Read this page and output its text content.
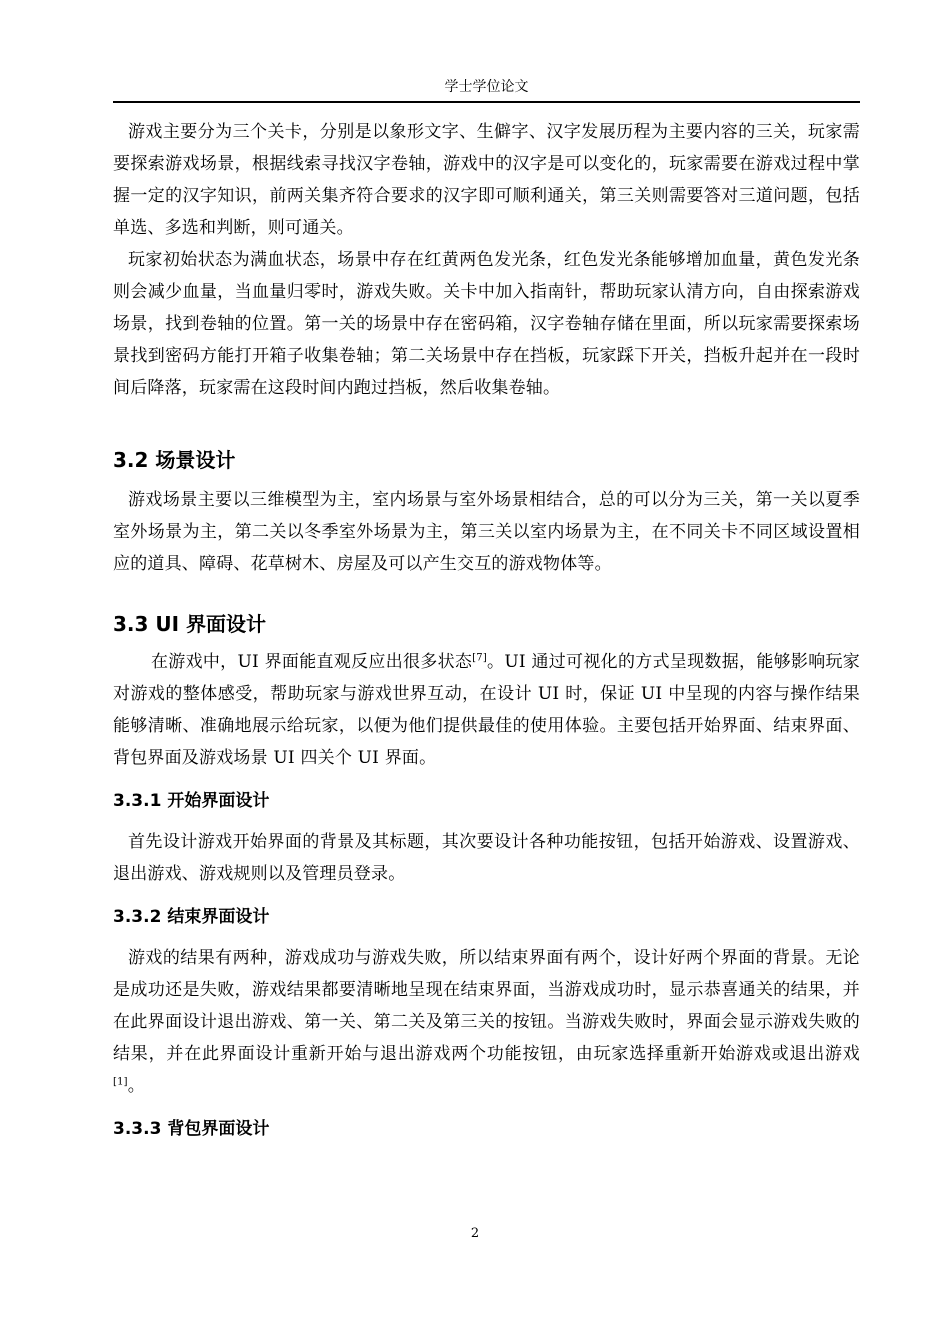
学士学位论文

游戏主要分为三个关卡，分别是以象形文字、生僻字、汉字发展历程为主要内容的三关，玩家需要探索游戏场景，根据线索寻找汉字卷轴，游戏中的汉字是可以变化的，玩家需要在游戏过程中掌握一定的汉字知识，前两关集齐符合要求的汉字即可顺利通关，第三关则需要答对三道问题，包括单选、多选和判断，则可通关。

玩家初始状态为满血状态，场景中存在红黄两色发光条，红色发光条能够增加血量，黄色发光条则会减少血量，当血量归零时，游戏失败。关卡中加入指南针，帮助玩家认清方向，自由探索游戏场景，找到卷轴的位置。第一关的场景中存在密码箱，汉字卷轴存储在里面，所以玩家需要探索场景找到密码方能打开箱子收集卷轴；第二关场景中存在挡板，玩家踩下开关，挡板升起并在一段时间后降落，玩家需在这段时间内跑过挡板，然后收集卷轴。

3.2 场景设计

游戏场景主要以三维模型为主，室内场景与室外场景相结合，总的可以分为三关，第一关以夏季室外场景为主，第二关以冬季室外场景为主，第三关以室内场景为主，在不同关卡不同区域设置相应的道具、障碍、花草树木、房屋及可以产生交互的游戏物体等。

3.3 UI 界面设计

在游戏中，UI 界面能直观反应出很多状态[7]。UI 通过可视化的方式呈现数据，能够影响玩家对游戏的整体感受，帮助玩家与游戏世界互动，在设计 UI 时，保证 UI 中呈现的内容与操作结果能够清晰、准确地展示给玩家，以便为他们提供最佳的使用体验。主要包括开始界面、结束界面、背包界面及游戏场景 UI 四关个 UI 界面。

3.3.1 开始界面设计

首先设计游戏开始界面的背景及其标题，其次要设计各种功能按钮，包括开始游戏、设置游戏、退出游戏、游戏规则以及管理员登录。

3.3.2 结束界面设计

游戏的结果有两种，游戏成功与游戏失败，所以结束界面有两个，设计好两个界面的背景。无论是成功还是失败，游戏结果都要清晰地呈现在结束界面，当游戏成功时，显示恭喜通关的结果，并在此界面设计退出游戏、第一关、第二关及第三关的按钮。当游戏失败时，界面会显示游戏失败的结果，并在此界面设计重新开始与退出游戏两个功能按钮，由玩家选择重新开始游戏或退出游戏[1]。

3.3.3 背包界面设计
2
